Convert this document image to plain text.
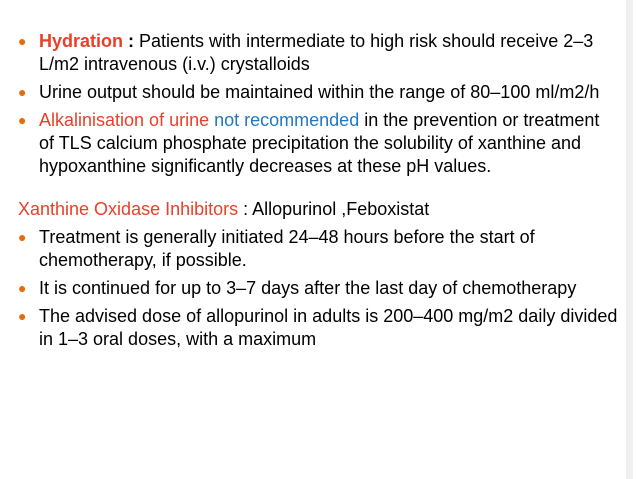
● Hydration : Patients with intermediate to high risk should receive 2–3 L/m2 intravenous (i.v.) crystalloids
● Urine output should be maintained within the range of 80–100 ml/m2/h
● Alkalinisation of urine not recommended in the prevention or treatment of TLS calcium phosphate precipitation the solubility of xanthine and hypoxanthine significantly decreases at these pH values.
Xanthine Oxidase Inhibitors : Allopurinol ,Feboxistat
● Treatment is generally initiated 24–48 hours before the start of chemotherapy, if possible.
● It is continued for up to 3–7 days after the last day of chemotherapy
● The advised dose of allopurinol in adults is 200–400 mg/m2 daily divided in 1–3 oral doses, with a maximum
